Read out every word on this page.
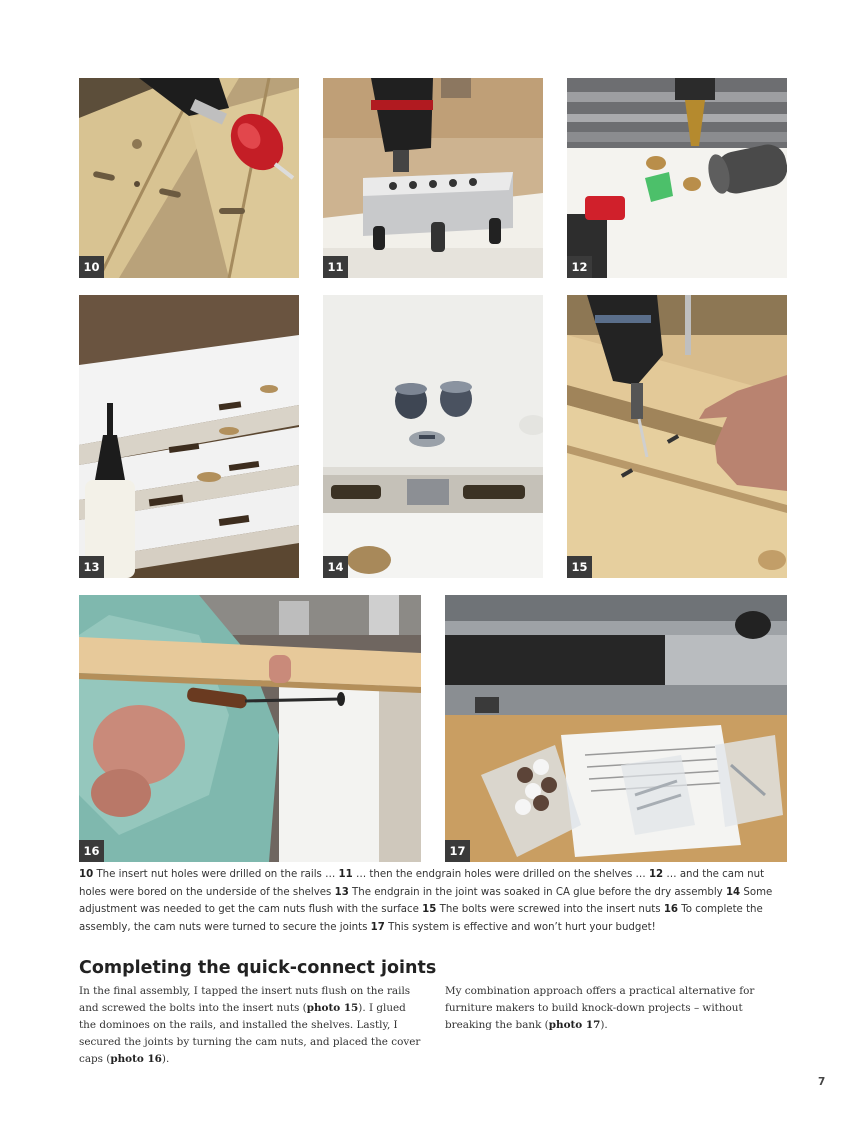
10	11	12
13	14	15
16	17
10 The insert nut holes were drilled on the rails … 11 … then the endgrain holes were drilled on the shelves … 12 … and the cam nut holes were bored on the underside of the shelves 13 The endgrain in the joint was soaked in CA glue before the dry assembly 14 Some adjustment was needed to get the cam nuts flush with the surface 15 The bolts were screwed into the insert nuts 16 To complete the assembly, the cam nuts were turned to secure the joints 17 This system is effective and won’t hurt your budget!
Completing the quick-connect joints
In the final assembly, I tapped the insert nuts flush on the rails and screwed the bolts into the insert nuts (photo 15). I glued the dominoes on the rails, and installed the shelves. Lastly, I secured the joints by turning the cam nuts, and placed the cover caps (photo 16).
My combination approach offers a practical alternative for furniture makers to build knock-down projects – without breaking the bank (photo 17).
7
